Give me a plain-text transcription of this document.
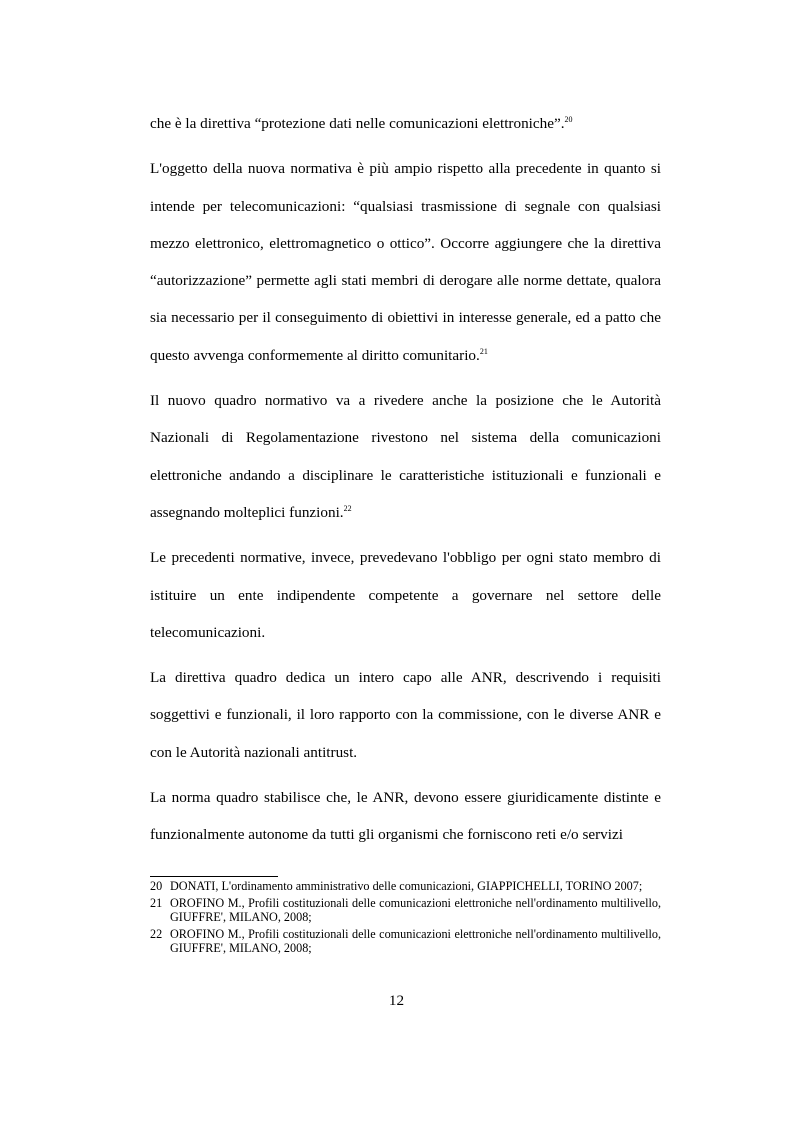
che è la direttiva “protezione dati nelle comunicazioni elettroniche”.$^{20}$

L'oggetto della nuova normativa è più ampio rispetto alla precedente in quanto si intende per telecomunicazioni: “qualsiasi trasmissione di segnale con qualsiasi mezzo elettronico, elettromagnetico o ottico”. Occorre aggiungere che la direttiva “autorizzazione” permette agli stati membri di derogare alle norme dettate, qualora sia necessario per il conseguimento di obiettivi in interesse generale, ed a patto che questo avvenga conformemente al diritto comunitario.$^{21}$

Il nuovo quadro normativo va a rivedere anche la posizione che le Autorità Nazionali di Regolamentazione rivestono nel sistema della comunicazioni elettroniche andando a disciplinare le caratteristiche istituzionali e funzionali e assegnando molteplici funzioni.$^{22}$

Le precedenti normative, invece, prevedevano l'obbligo per ogni stato membro di istituire un ente indipendente competente a governare nel settore delle telecomunicazioni.

La direttiva quadro dedica un intero capo alle ANR, descrivendo i requisiti soggettivi e funzionali, il loro rapporto con la commissione, con le diverse ANR e con le Autorità nazionali antitrust.

La norma quadro stabilisce che, le ANR, devono essere giuridicamente distinte e funzionalmente autonome da tutti gli organismi che forniscono reti e/o servizi

20 DONATI, L'ordinamento amministrativo delle comunicazioni, GIAPPICHELLI, TORINO 2007;
21 OROFINO M., Profili costituzionali delle comunicazioni elettroniche nell'ordinamento multilivello, GIUFFRE', MILANO, 2008;
22 OROFINO M., Profili costituzionali delle comunicazioni elettroniche nell'ordinamento multilivello, GIUFFRE', MILANO, 2008;
12
